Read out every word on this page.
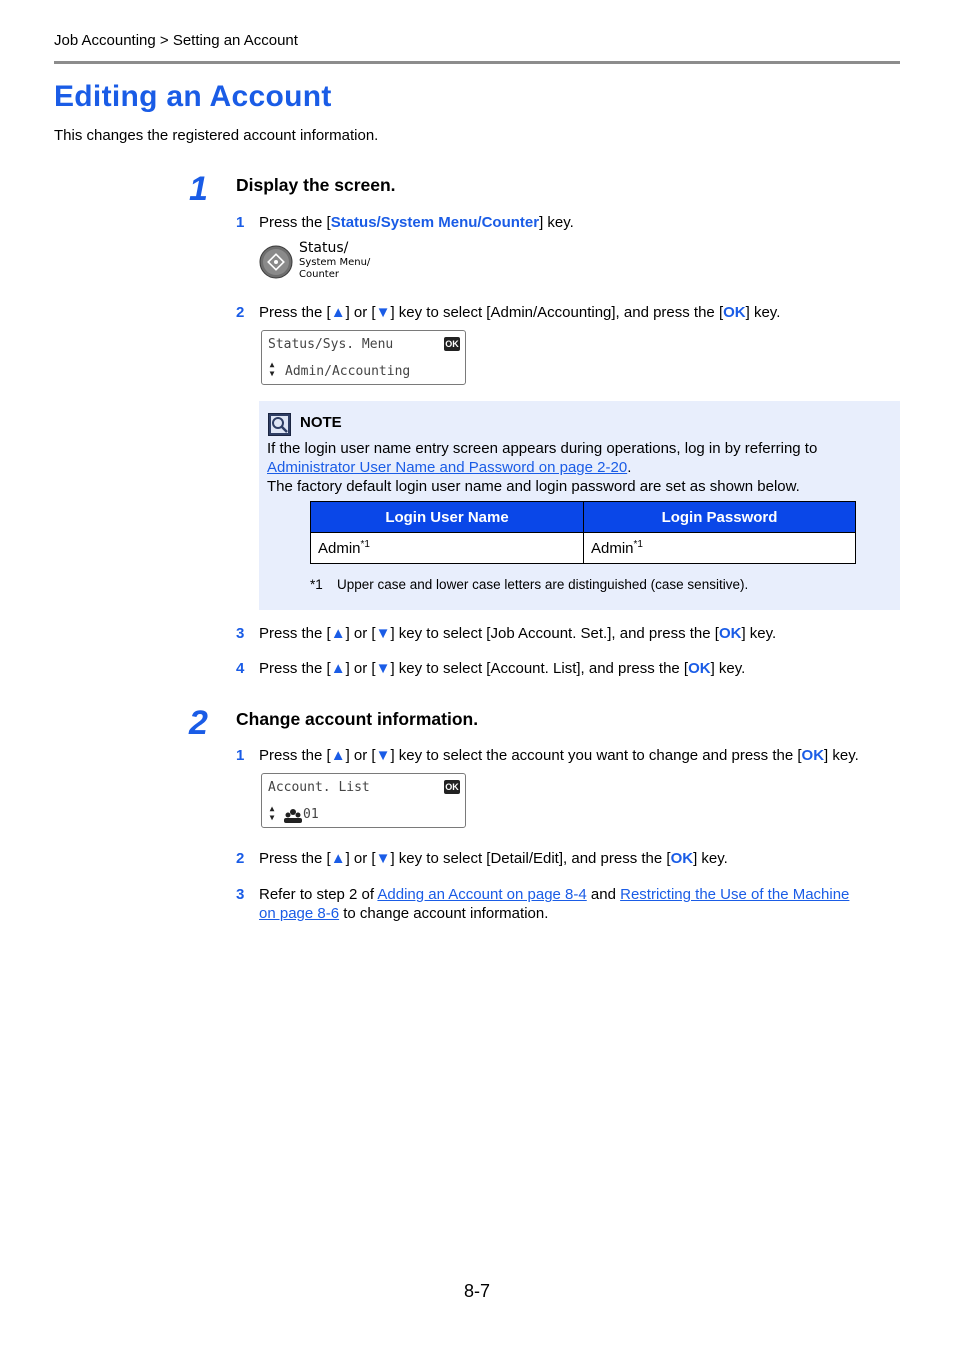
Job Accounting > Setting an Account
Editing an Account
This changes the registered account information.
1 Display the screen.
1 Press the [Status/System Menu/Counter] key.
Status/
System Menu/
Counter
2 Press the [▲] or [▼] key to select [Admin/Accounting], and press the [OK] key.
Status/Sys. Menu	OK
▲
▼ Admin/Accounting
NOTE
If the login user name entry screen appears during operations, log in by referring to
Administrator User Name and Password on page 2-20.
The factory default login user name and login password are set as shown below.
Login User Name	Login Password
Admin$^{*1}$	Admin$^{*1}$
*1 Upper case and lower case letters are distinguished (case sensitive).
3 Press the [▲] or [▼] key to select [Job Account. Set.], and press the [OK] key.
4 Press the [▲] or [▼] key to select [Account. List], and press the [OK] key.
2 Change account information.
1 Press the [▲] or [▼] key to select the account you want to change and press the [OK] key.
Account. List	OK
▲
▼ 01
2 Press the [▲] or [▼] key to select [Detail/Edit], and press the [OK] key.
3 Refer to step 2 of Adding an Account on page 8-4 and Restricting the Use of the Machine
on page 8-6 to change account information.
8-7
